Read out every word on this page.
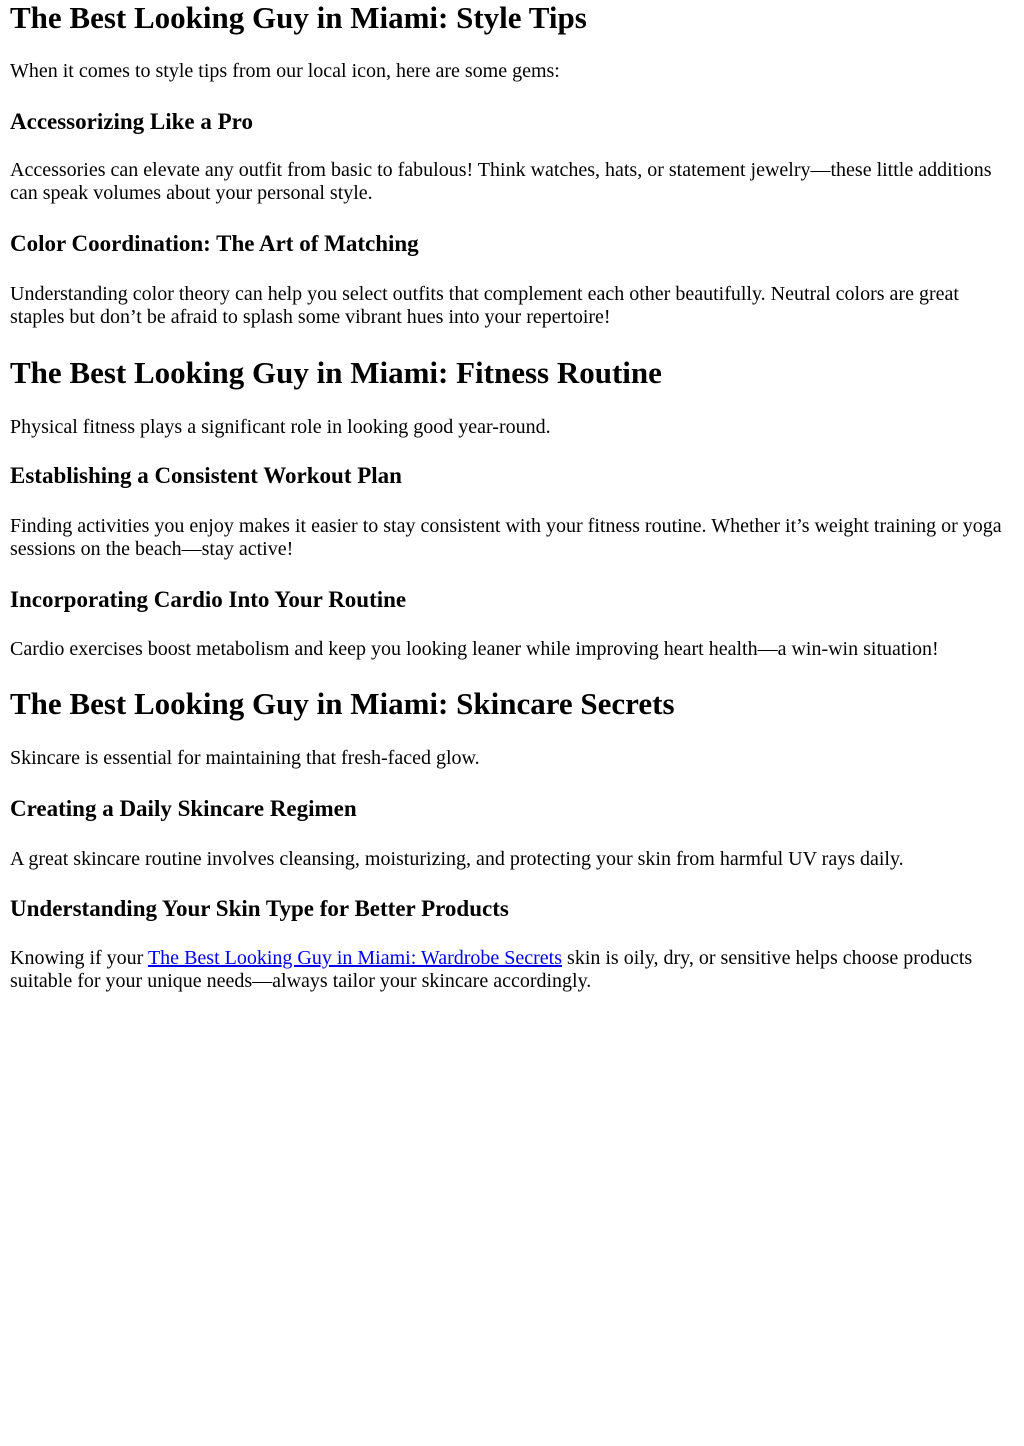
The Best Looking Guy in Miami: Style Tips

When it comes to style tips from our local icon, here are some gems:

Accessorizing Like a Pro

Accessories can elevate any outfit from basic to fabulous! Think watches, hats, or statement jewelry—these little additions can speak volumes about your personal style.

Color Coordination: The Art of Matching

Understanding color theory can help you select outfits that complement each other beautifully. Neutral colors are great staples but don’t be afraid to splash some vibrant hues into your repertoire!

The Best Looking Guy in Miami: Fitness Routine

Physical fitness plays a significant role in looking good year-round.

Establishing a Consistent Workout Plan

Finding activities you enjoy makes it easier to stay consistent with your fitness routine. Whether it’s weight training or yoga sessions on the beach—stay active!

Incorporating Cardio Into Your Routine

Cardio exercises boost metabolism and keep you looking leaner while improving heart health—a win-win situation!

The Best Looking Guy in Miami: Skincare Secrets

Skincare is essential for maintaining that fresh-faced glow.

Creating a Daily Skincare Regimen

A great skincare routine involves cleansing, moisturizing, and protecting your skin from harmful UV rays daily.

Understanding Your Skin Type for Better Products

Knowing if your The Best Looking Guy in Miami: Wardrobe Secrets skin is oily, dry, or sensitive helps choose products suitable for your unique needs—always tailor your skincare accordingly.
